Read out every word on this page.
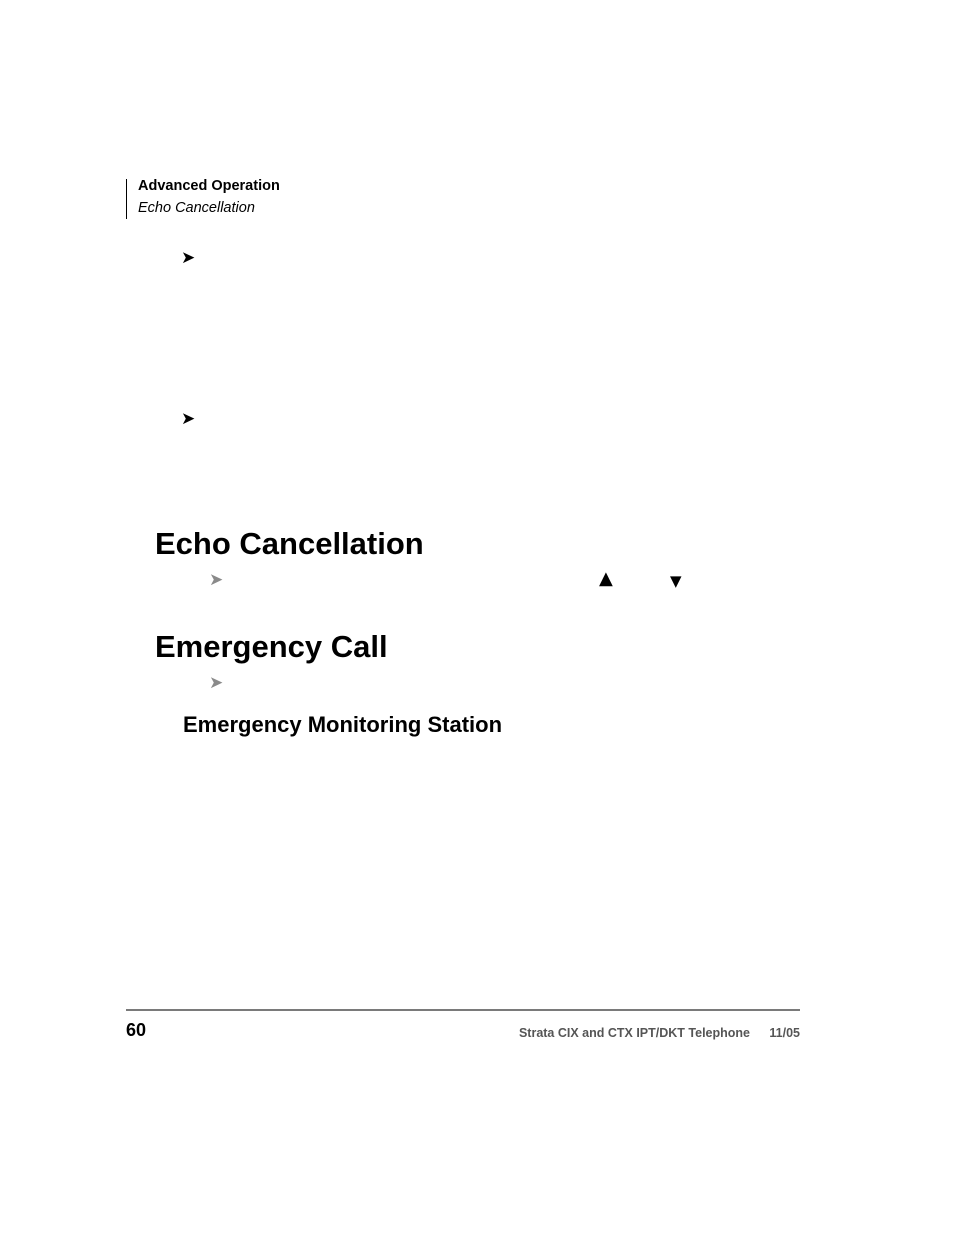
Advanced Operation
Echo Cancellation
➤
➤
Echo Cancellation
➤	▲	▼
Emergency Call
➤
Emergency Monitoring Station
60	Strata CIX and CTX IPT/DKT Telephone 11/05
